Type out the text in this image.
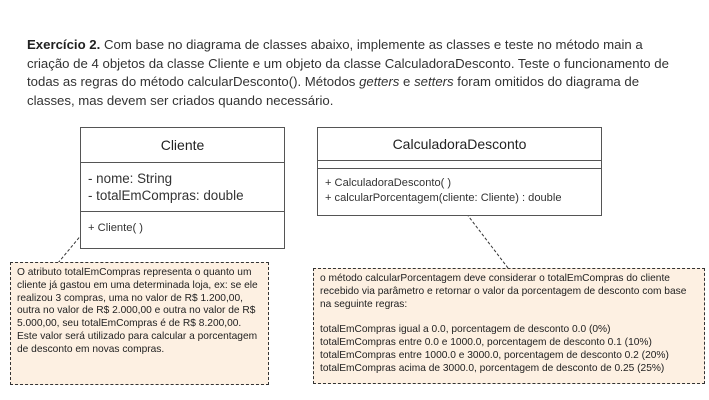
Exercício 2. Com base no diagrama de classes abaixo, implemente as classes e teste no método main a criação de 4 objetos da classe Cliente e um objeto da classe CalculadoraDesconto. Teste o funcionamento de todas as regras do método calcularDesconto(). Métodos getters e setters foram omitidos do diagrama de classes, mas devem ser criados quando necessário.
Cliente
- nome: String
- totalEmCompras: double
+ Cliente( )
CalculadoraDesconto
+ CalculadoraDesconto( )
+ calcularPorcentagem(cliente: Cliente) : double

O atributo totalEmCompras representa o quanto um cliente já gastou em uma determinada loja, ex: se ele realizou 3 compras, uma no valor de R$ 1.200,00, outra no valor de R$ 2.000,00 e outra no valor de R$ 5.000,00, seu totalEmCompras é de R$ 8.200,00. Este valor será utilizado para calcular a porcentagem de desconto em novas compras.

o método calcularPorcentagem deve considerar o totalEmCompras do cliente recebido via parâmetro e retornar o valor da porcentagem de desconto com base na seguinte regras:

totalEmCompras igual a 0.0, porcentagem de desconto 0.0 (0%)

totalEmCompras entre 0.0 e 1000.0, porcentagem de desconto 0.1 (10%)

totalEmCompras entre 1000.0 e 3000.0, porcentagem de desconto 0.2 (20%)

totalEmCompras acima de 3000.0, porcentagem de desconto de 0.25 (25%)
